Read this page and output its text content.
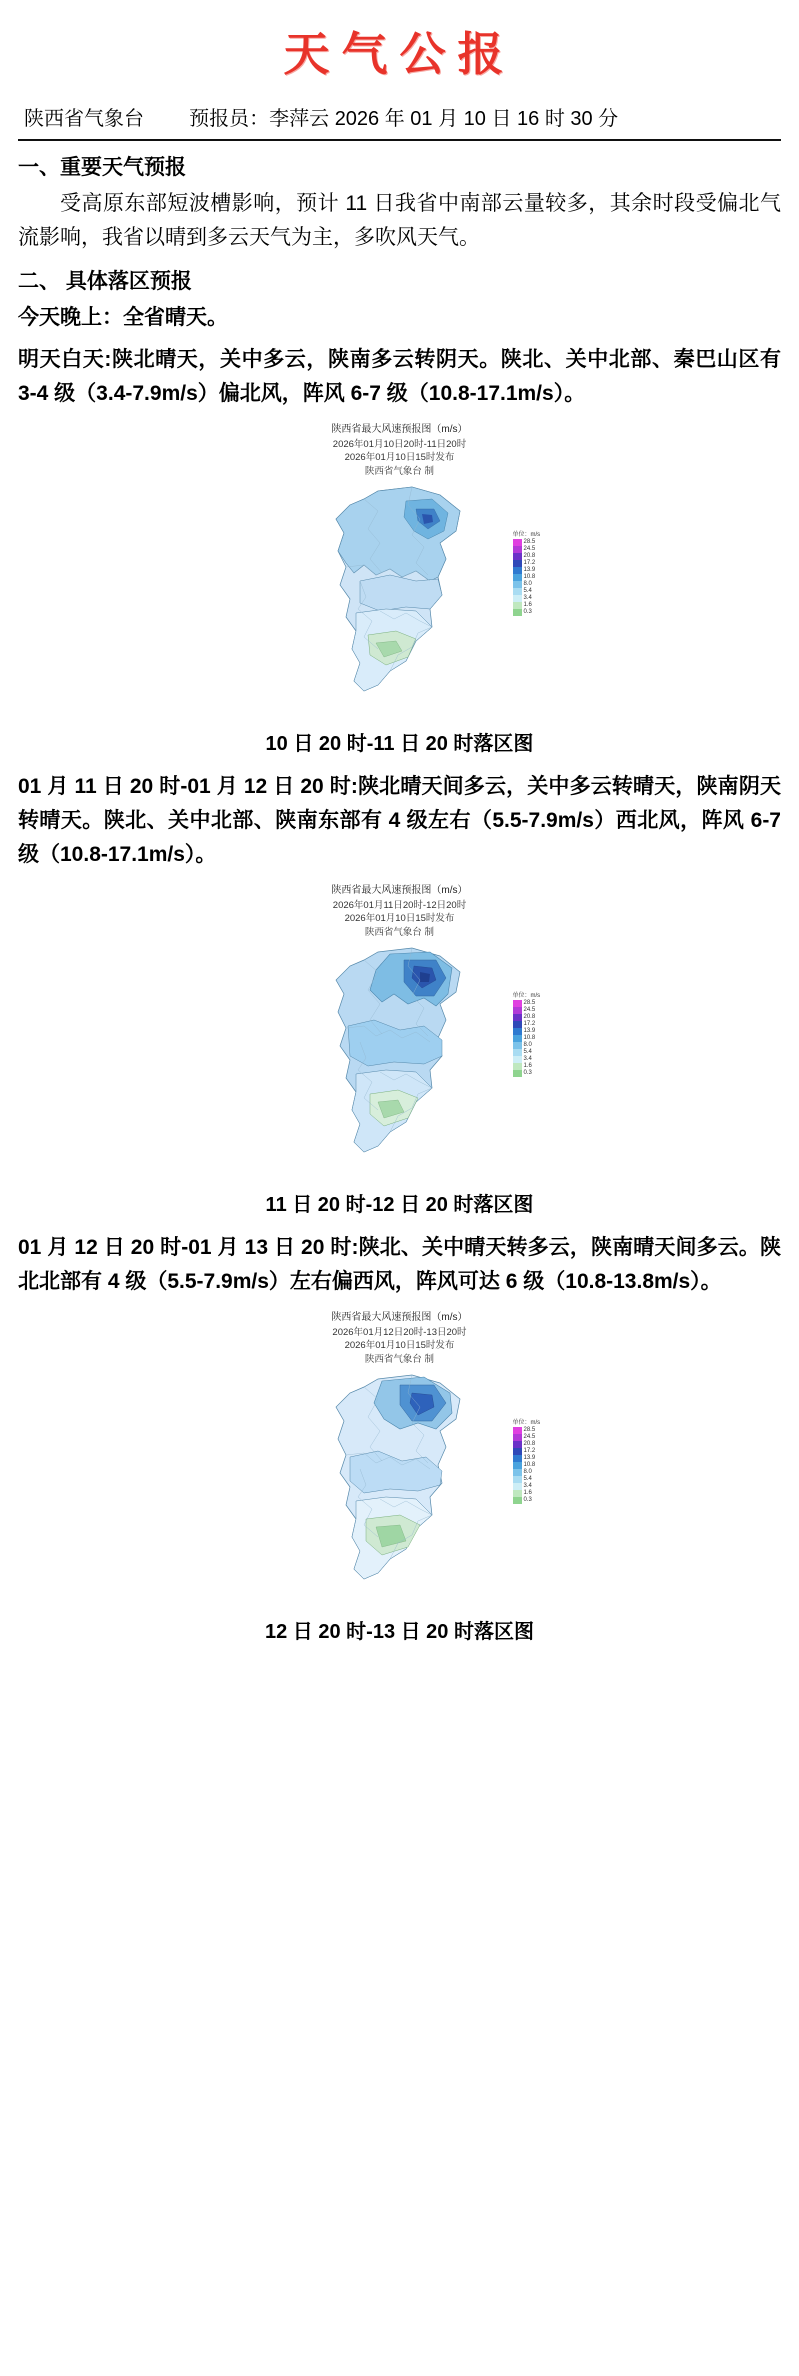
天气公报
陕西省气象台 预报员：李萍云 2026 年 01 月 10 日 16 时 30 分
一、重要天气预报

受高原东部短波槽影响，预计 11 日我省中南部云量较多，其余时段受偏北气流影响，我省以晴到多云天气为主，多吹风天气。

二、 具体落区预报

今天晚上：全省晴天。

明天白天:陕北晴天，关中多云，陕南多云转阴天。陕北、关中北部、秦巴山区有 3-4 级（3.4-7.9m/s）偏北风，阵风 6-7 级（10.8-17.1m/s）。

陕西省最大风速预报图（m/s）
2026年01月10日20时-11日20时
2026年01月10日15时发布
陕西省气象台 制
单位：m/s
28.5
24.5
20.8
17.2
13.9
10.8
8.0
5.4
3.4
1.6
0.3
10 日 20 时-11 日 20 时落区图

01 月 11 日 20 时-01 月 12 日 20 时:陕北晴天间多云，关中多云转晴天，陕南阴天转晴天。陕北、关中北部、陕南东部有 4 级左右（5.5-7.9m/s）西北风，阵风 6-7 级（10.8-17.1m/s）。

陕西省最大风速预报图（m/s）
2026年01月11日20时-12日20时
2026年01月10日15时发布
陕西省气象台 制
单位：m/s
28.5
24.5
20.8
17.2
13.9
10.8
8.0
5.4
3.4
1.6
0.3
11 日 20 时-12 日 20 时落区图

01 月 12 日 20 时-01 月 13 日 20 时:陕北、关中晴天转多云，陕南晴天间多云。陕北北部有 4 级（5.5-7.9m/s）左右偏西风，阵风可达 6 级（10.8-13.8m/s）。

陕西省最大风速预报图（m/s）
2026年01月12日20时-13日20时
2026年01月10日15时发布
陕西省气象台 制
单位：m/s
28.5
24.5
20.8
17.2
13.9
10.8
8.0
5.4
3.4
1.6
0.3
12 日 20 时-13 日 20 时落区图
